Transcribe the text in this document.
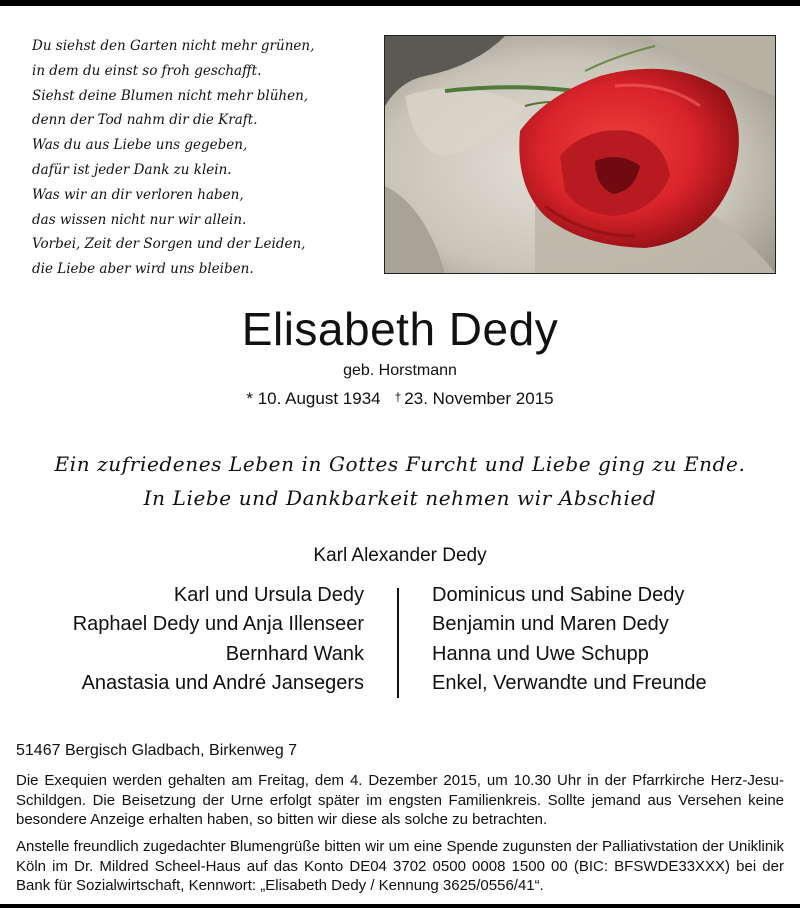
Du siehst den Garten nicht mehr grünen,
in dem du einst so froh geschafft.
Siehst deine Blumen nicht mehr blühen,
denn der Tod nahm dir die Kraft.
Was du aus Liebe uns gegeben,
dafür ist jeder Dank zu klein.
Was wir an dir verloren haben,
das wissen nicht nur wir allein.
Vorbei, Zeit der Sorgen und der Leiden,
die Liebe aber wird uns bleiben.
Elisabeth Dedy
geb. Horstmann
* 10. August 1934 † 23. November 2015
Ein zufriedenes Leben in Gottes Furcht und Liebe ging zu Ende.
In Liebe und Dankbarkeit nehmen wir Abschied
Karl Alexander Dedy
Karl und Ursula Dedy
Raphael Dedy und Anja Illenseer
Bernhard Wank
Anastasia und André Jansegers
Dominicus und Sabine Dedy
Benjamin und Maren Dedy
Hanna und Uwe Schupp
Enkel, Verwandte und Freunde
51467 Bergisch Gladbach, Birkenweg 7
Die Exequien werden gehalten am Freitag, dem 4. Dezember 2015, um 10.30 Uhr in der Pfarrkirche Herz-Jesu-Schildgen. Die Beisetzung der Urne erfolgt später im engsten Familienkreis. Sollte jemand aus Versehen keine besondere Anzeige erhalten haben, so bitten wir diese als solche zu betrachten.
Anstelle freundlich zugedachter Blumengrüße bitten wir um eine Spende zugunsten der Palliativstation der Uniklinik Köln im Dr. Mildred Scheel-Haus auf das Konto DE04 3702 0500 0008 1500 00 (BIC: BFSWDE33XXX) bei der Bank für Sozialwirtschaft, Kennwort: „Elisabeth Dedy / Kennung 3625/0556/41“.
